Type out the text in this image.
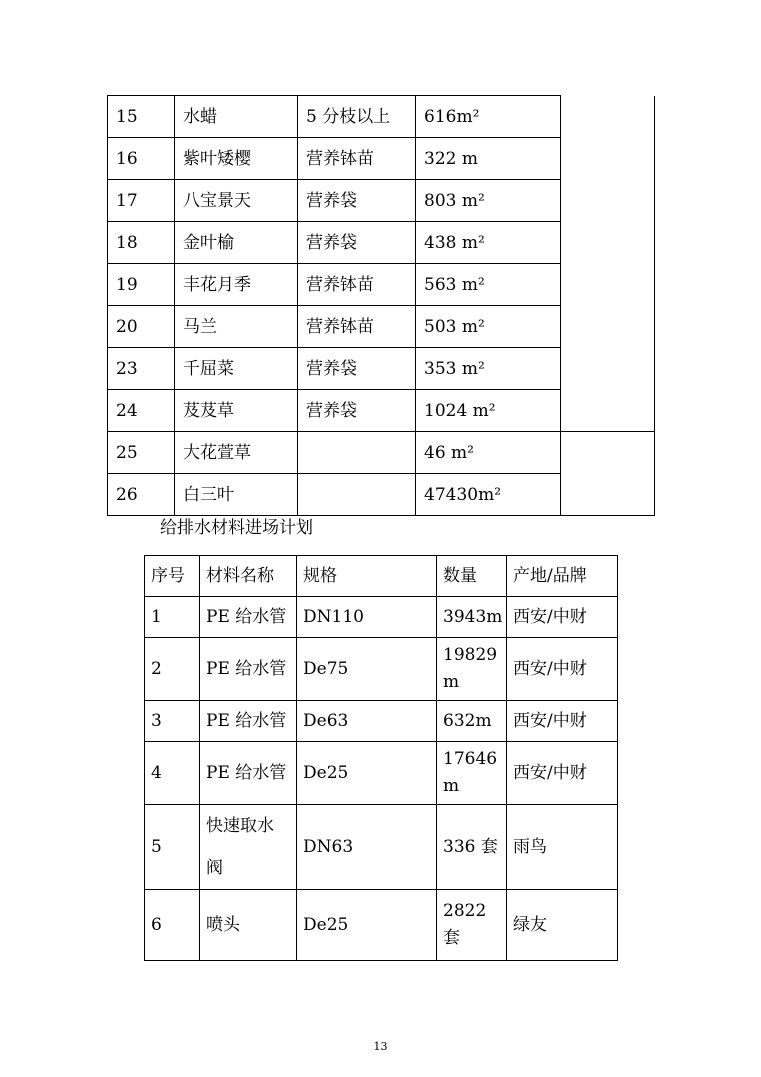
15	水蜡	5 分枝以上	616m²	
16	紫叶矮樱	营养钵苗	322 m	
17	八宝景天	营养袋	803 m²	
18	金叶榆	营养袋	438 m²	
19	丰花月季	营养钵苗	563 m²	
20	马兰	营养钵苗	503 m²	
23	千屈菜	营养袋	353 m²	
24	芨芨草	营养袋	1024 m²	
25	大花萱草		46 m²	
26	白三叶		47430m²	
给排水材料进场计划
序号	材料名称	规格	数量	产地/品牌
1	PE 给水管	DN110	3943m	西安/中财
2	PE 给水管	De75	19829 m	西安/中财
3	PE 给水管	De63	632m	西安/中财
4	PE 给水管	De25	17646 m	西安/中财
5	快速取水阀	DN63	336 套	雨鸟
6	喷头	De25	2822 套	绿友
13
